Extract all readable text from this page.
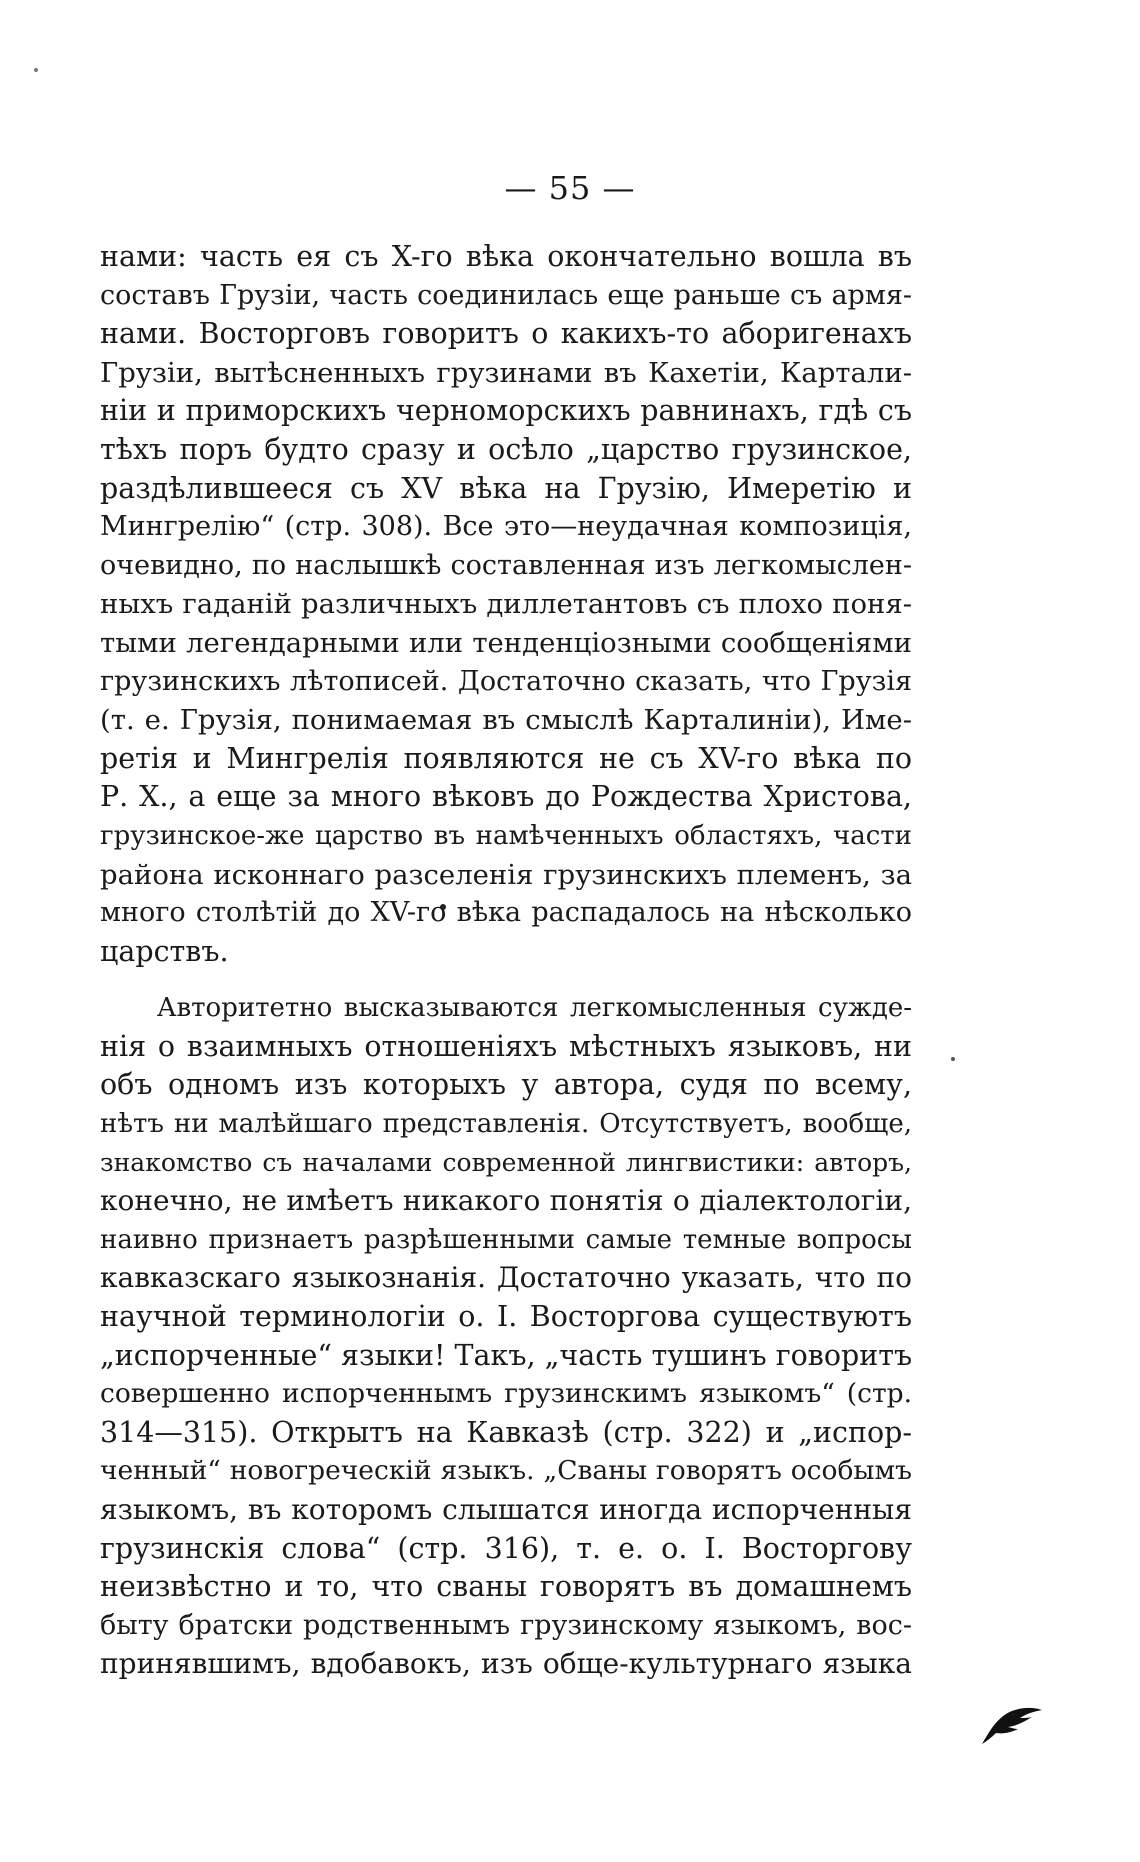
— 55 —
нами: часть ея съ X-го вѣка окончательно вошла въ
составъ Грузіи, часть соединилась еще раньше съ армя-
нами. Восторговъ говоритъ о какихъ-то аборигенахъ
Грузіи, вытѣсненныхъ грузинами въ Кахетіи, Картали-
ніи и приморскихъ черноморскихъ равнинахъ, гдѣ съ
тѣхъ поръ будто сразу и осѣло „царство грузинское,
раздѣлившееся съ XV вѣка на Грузію, Имеретію и
Мингрелію“ (стр. 308). Все это—неудачная композиція,
очевидно, по наслышкѣ составленная изъ легкомыслен-
ныхъ гаданій различныхъ диллетантовъ съ плохо поня-
тыми легендарными или тенденціозными сообщеніями
грузинскихъ лѣтописей. Достаточно сказать, что Грузія
(т. е. Грузія, понимаемая въ смыслѣ Карталиніи), Име-
ретія и Мингрелія появляются не съ XV-го вѣка по
Р. Х., а еще за много вѣковъ до Рождества Христова,
грузинское-же царство въ намѣченныхъ областяхъ, части
района исконнаго разселенія грузинскихъ племенъ, за
много столѣтій до XV-го вѣка распадалось на нѣсколько
царствъ.
Авторитетно высказываются легкомысленныя сужде-
нія о взаимныхъ отношеніяхъ мѣстныхъ языковъ, ни
объ одномъ изъ которыхъ у автора, судя по всему,
нѣтъ ни малѣйшаго представленія. Отсутствуетъ, вообще,
знакомство съ началами современной лингвистики: авторъ,
конечно, не имѣетъ никакого понятія о діалектологіи,
наивно признаетъ разрѣшенными самые темные вопросы
кавказскаго языкознанія. Достаточно указать, что по
научной терминологіи о. І. Восторгова существуютъ
„испорченные“ языки! Такъ, „часть тушинъ говоритъ
совершенно испорченнымъ грузинскимъ языкомъ“ (стр.
314—315). Открытъ на Кавказѣ (стр. 322) и „испор-
ченный“ новогреческій языкъ. „Сваны говорятъ особымъ
языкомъ, въ которомъ слышатся иногда испорченныя
грузинскія слова“ (стр. 316), т. е. о. І. Восторгову
неизвѣстно и то, что сваны говорятъ въ домашнемъ
быту братски родственнымъ грузинскому языкомъ, вос-
принявшимъ, вдобавокъ, изъ обще-культурнаго языка
